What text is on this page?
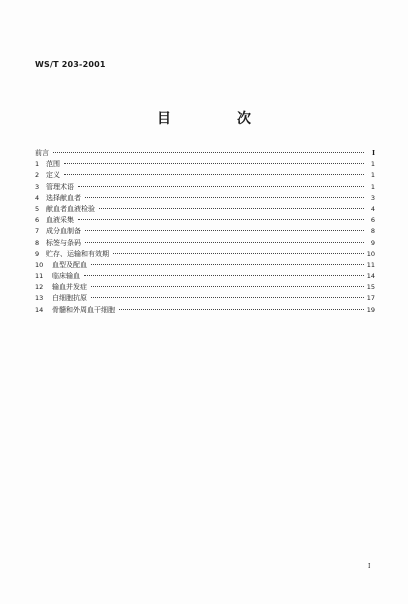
WS/T 203-2001
目　次
前言	Ⅰ
1 范围	1
2 定义	1
3 管理术语	1
4 选择献血者	3
5 献血者血液检验	4
6 血液采集	6
7 成分血制备	8
8 标签与条码	9
9 贮存、运输和有效期	10
10	血型及配血	11
11	临床输血	14
12	输血并发症	15
13	白细胞抗原	17
14	骨髓和外周血干细胞	19
I
